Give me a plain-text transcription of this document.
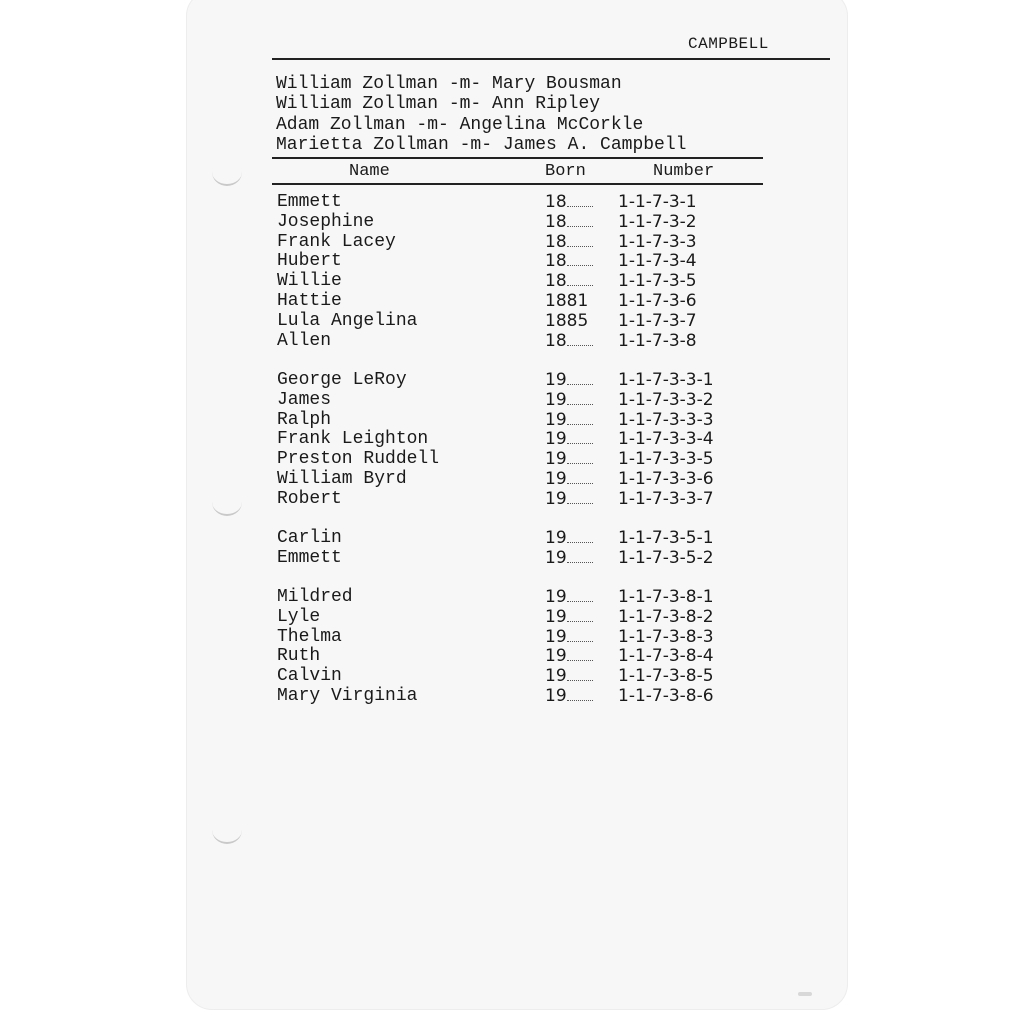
CAMPBELL
William Zollman -m- Mary Bousman
William Zollman -m- Ann Ripley
Adam Zollman -m- Angelina McCorkle
Marietta Zollman -m- James A. Campbell
Name	Born	Number
Emmett	18	1-1-7-3-1
Josephine	18	1-1-7-3-2
Frank Lacey	18	1-1-7-3-3
Hubert	18	1-1-7-3-4
Willie	18	1-1-7-3-5
Hattie	1881 1-1-7-3-6
Lula Angelina	1885 1-1-7-3-7
Allen	18	1-1-7-3-8
George LeRoy	19	1-1-7-3-3-1
James	19	1-1-7-3-3-2
Ralph	19	1-1-7-3-3-3
Frank Leighton	19	1-1-7-3-3-4
Preston Ruddell	19	1-1-7-3-3-5
William Byrd	19	1-1-7-3-3-6
Robert	19	1-1-7-3-3-7
Carlin	19	1-1-7-3-5-1
Emmett	19	1-1-7-3-5-2
Mildred	19	1-1-7-3-8-1
Lyle	19	1-1-7-3-8-2
Thelma	19	1-1-7-3-8-3
Ruth	19	1-1-7-3-8-4
Calvin	19	1-1-7-3-8-5
Mary Virginia	19	1-1-7-3-8-6
